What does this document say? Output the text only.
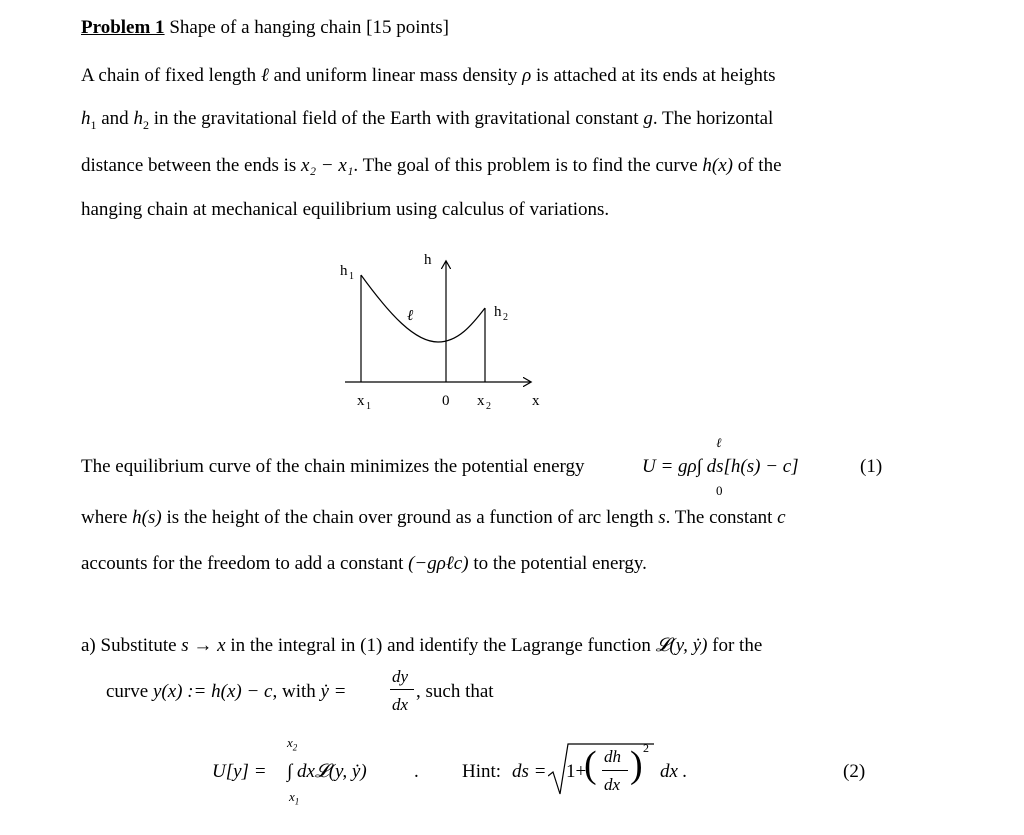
Problem 1 Shape of a hanging chain [15 points]
A chain of fixed length ℓ and uniform linear mass density ρ is attached at its ends at heights
$h_1$ and $h_2$ in the gravitational field of the Earth with gravitational constant g. The horizontal
distance between the ends is x₂ − x₁. The goal of this problem is to find the curve h(x) of the
hanging chain at mechanical equilibrium using calculus of variations.
h 1
h
ℓ	h 2
x 1	0 x 2	x
The equilibrium curve of the chain minimizes the potential energy	U = gρ∫ ds[h(s) − c]
ℓ
0
(1)
where h(s) is the height of the chain over ground as a function of arc length s. The constant c
accounts for the freedom to add a constant (−gρℓc) to the potential energy.
a) Substitute s → x in the integral in (1) and identify the Lagrange function 𝓛(y, ẏ) for the
curve y(x) := h(x) − c, with ẏ =
dy
dx
, such that
U[y] = ∫ dx𝓛(y, ẏ)
$x_2$
$x_1$
. Hint: ds = 1+
( dh
dx ) 2
dx .	(2)
